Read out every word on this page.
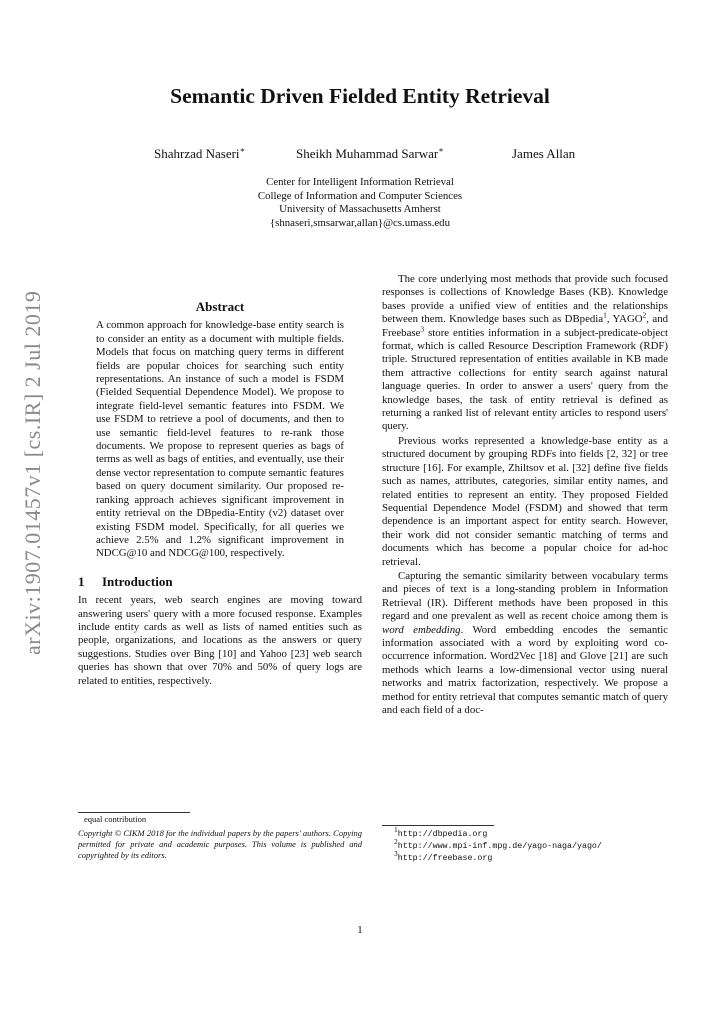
arXiv:1907.01457v1 [cs.IR] 2 Jul 2019
Semantic Driven Fielded Entity Retrieval
Shahrzad Naseri∗	Sheikh Muhammad Sarwar∗	James Allan
Center for Intelligent Information Retrieval
College of Information and Computer Sciences
University of Massachusetts Amherst
{shnaseri,smsarwar,allan}@cs.umass.edu
Abstract

A common approach for knowledge-base entity search is to consider an entity as a document with multiple fields. Models that focus on matching query terms in different fields are popular choices for searching such entity representations. An instance of such a model is FSDM (Fielded Sequential Dependence Model). We propose to integrate field-level semantic features into FSDM. We use FSDM to retrieve a pool of documents, and then to use semantic field-level features to re-rank those documents. We propose to represent queries as bags of terms as well as bags of entities, and eventually, use their dense vector representation to compute semantic features based on query document similarity. Our proposed re-ranking approach achieves significant improvement in entity retrieval on the DBpedia-Entity (v2) dataset over existing FSDM model. Specifically, for all queries we achieve 2.5% and 1.2% significant improvement in NDCG@10 and NDCG@100, respectively.

1 Introduction

In recent years, web search engines are moving toward answering users' query with a more focused response. Examples include entity cards as well as lists of named entities such as people, organizations, and locations as the answers or query suggestions. Studies over Bing [10] and Yahoo [23] web search queries has shown that over 70% and 50% of query logs are related to entities, respectively.

equal contribution
Copyright © CIKM 2018 for the individual papers by the papers' authors. Copying permitted for private and academic purposes. This volume is published and copyrighted by its editors.

The core underlying most methods that provide such focused responses is collections of Knowledge Bases (KB). Knowledge bases provide a unified view of entities and the relationships between them. Knowledge bases such as DBpedia$^1$, YAGO$^2$, and Freebase$^3$ store entities information in a subject-predicate-object format, which is called Resource Description Framework (RDF) triple. Structured representation of entities available in KB made them attractive collections for entity search against natural language queries. In order to answer a users' query from the knowledge bases, the task of entity retrieval is defined as returning a ranked list of relevant entity articles to respond users' query.

Previous works represented a knowledge-base entity as a structured document by grouping RDFs into fields [2, 32] or tree structure [16]. For example, Zhiltsov et al. [32] define five fields such as names, attributes, categories, similar entity names, and related entities to represent an entity. They proposed Fielded Sequential Dependence Model (FSDM) and showed that term dependence is an important aspect for entity search. However, their work did not consider semantic matching of terms and documents which has become a popular choice for ad-hoc retrieval.

Capturing the semantic similarity between vocabulary terms and pieces of text is a long-standing problem in Information Retrieval (IR). Different methods have been proposed in this regard and one prevalent as well as recent choice among them is word embedding. Word embedding encodes the semantic information associated with a word by exploiting word co-occurrence information. Word2Vec [18] and Glove [21] are such methods which learns a low-dimensional vector using nueral networks and matrix factorization, respectively. We propose a method for entity retrieval that computes semantic match of query and each field of a doc-

$^1$http://dbpedia.org
$^2$http://www.mpi-inf.mpg.de/yago-naga/yago/
$^3$http://freebase.org
1
